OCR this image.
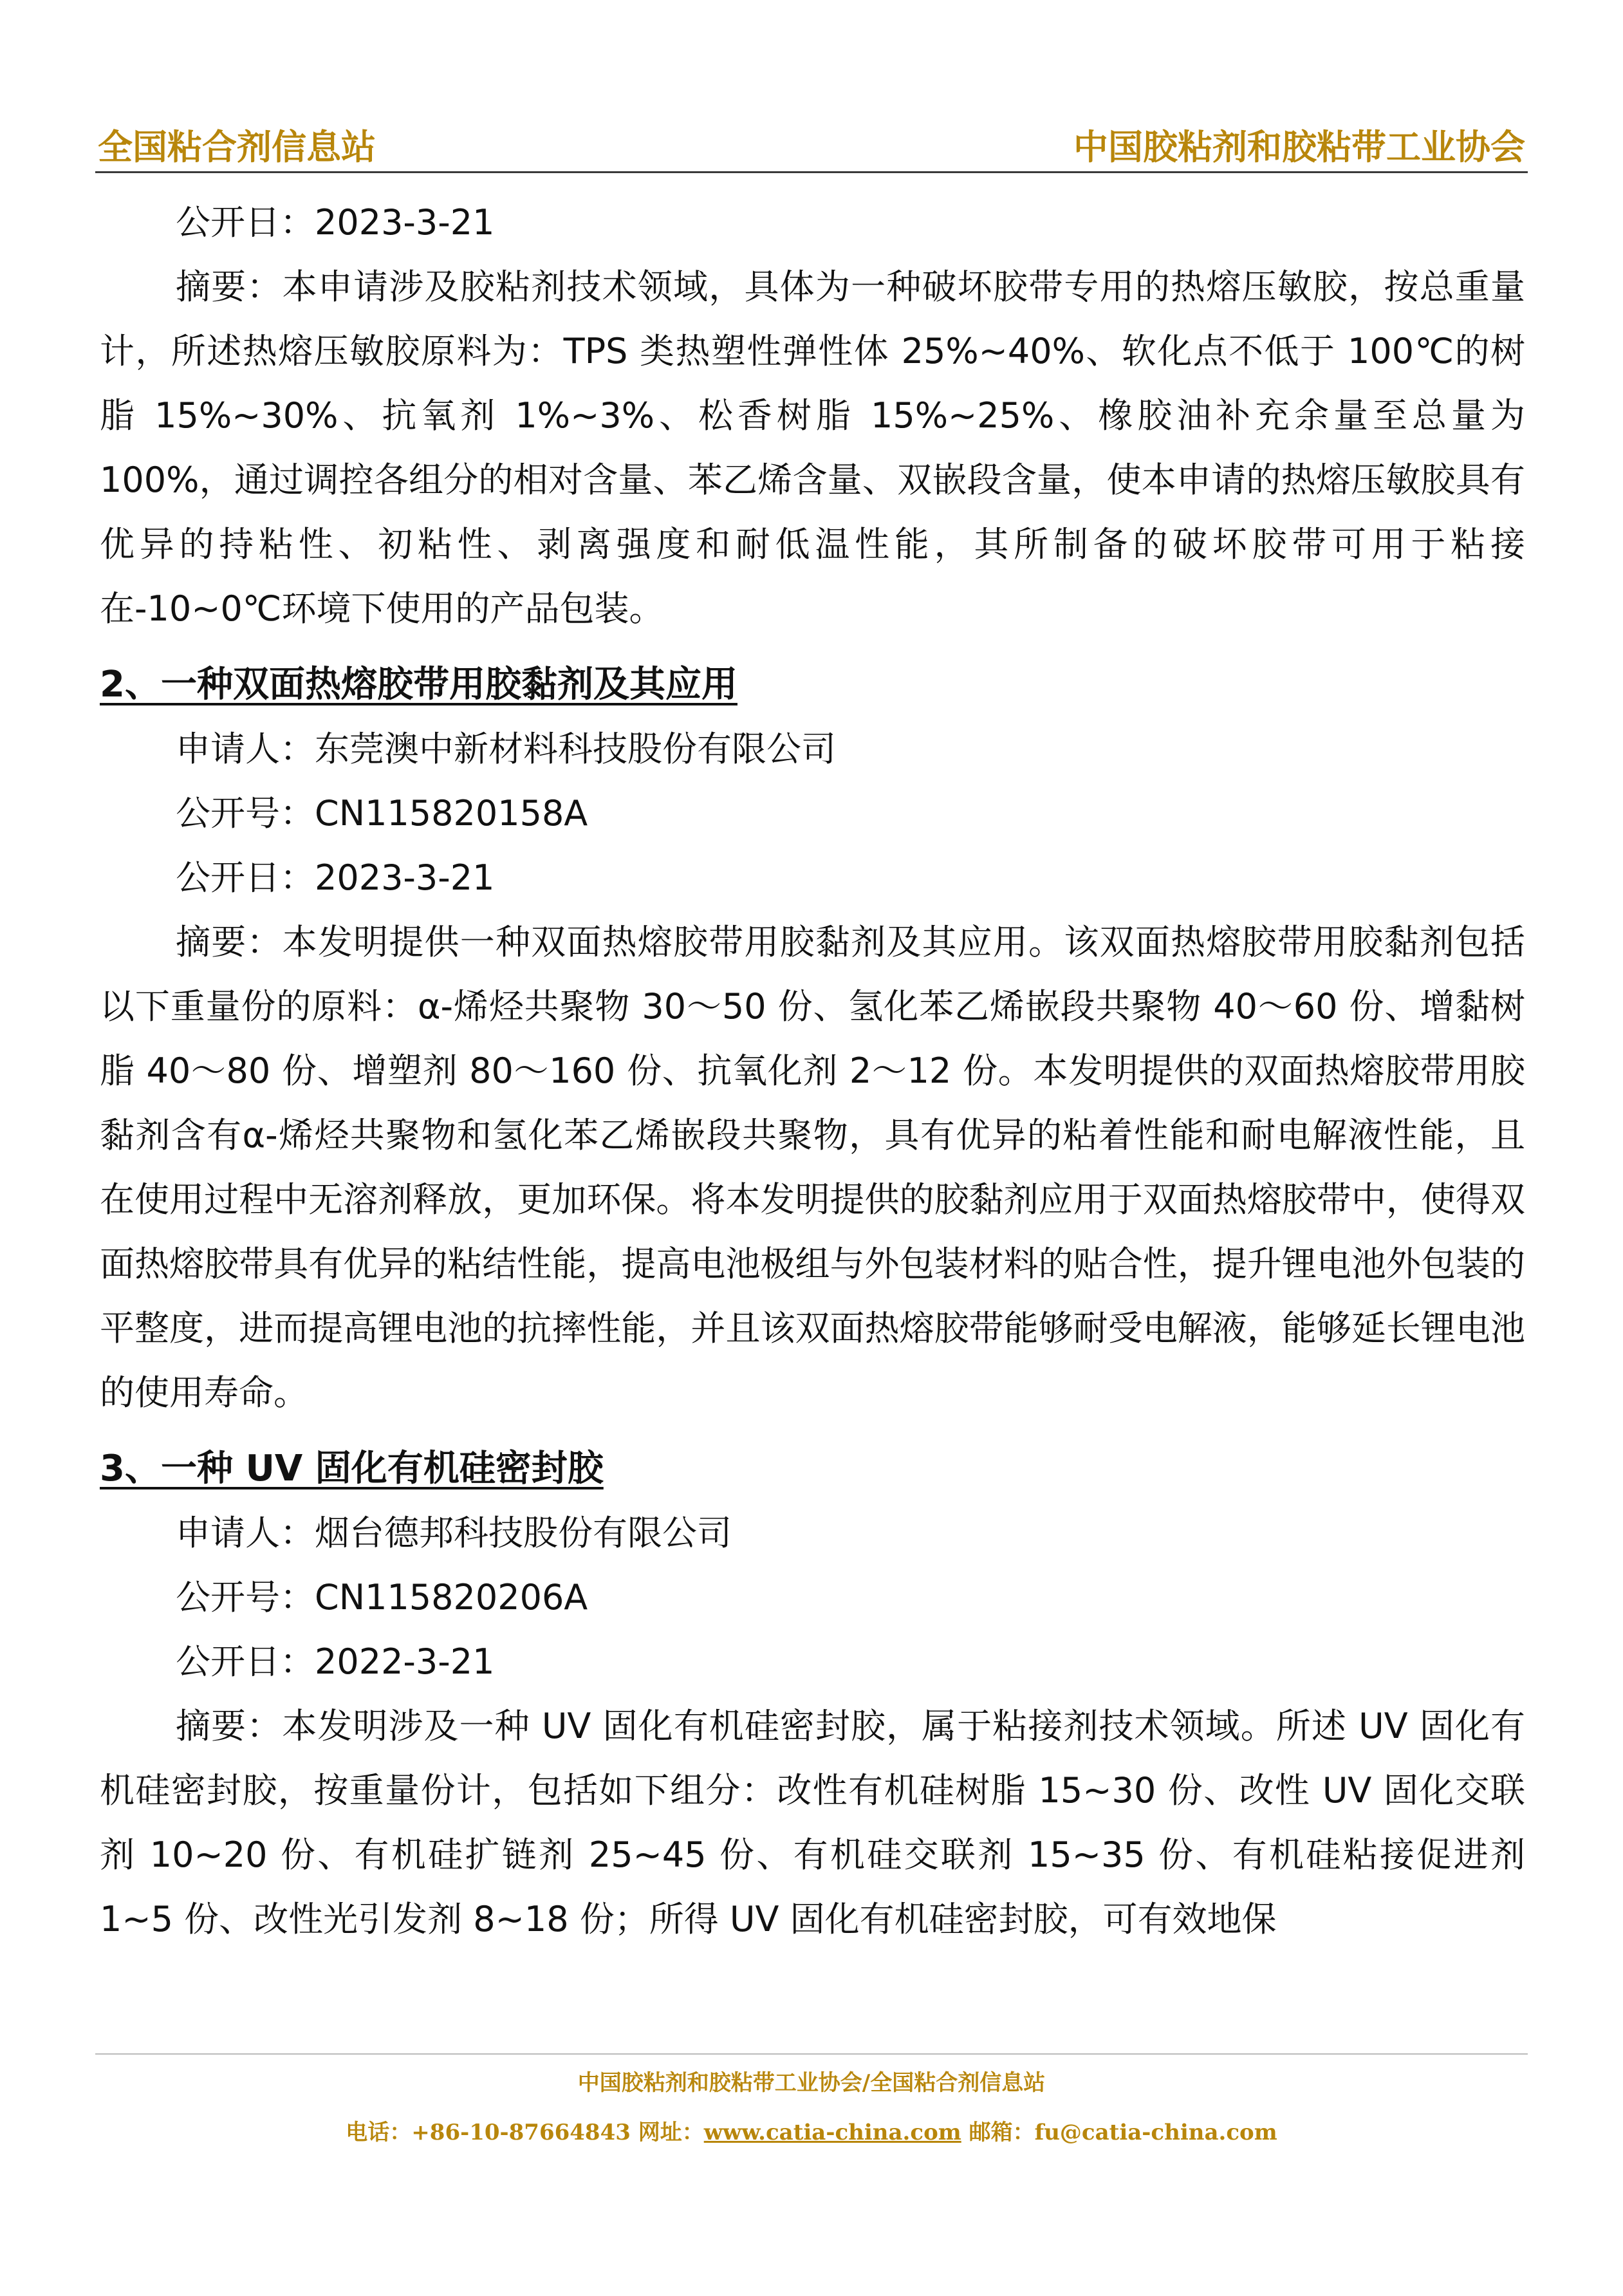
全国粘合剂信息站	中国胶粘剂和胶粘带工业协会
公开日：2023-3-21
摘要：本申请涉及胶粘剂技术领域，具体为一种破坏胶带专用的热熔压敏胶，按总重量计，所述热熔压敏胶原料为：TPS 类热塑性弹性体 25%~40%、软化点不低于 100℃的树脂 15%~30%、抗氧剂 1%~3%、松香树脂 15%~25%、橡胶油补充余量至总量为 100%，通过调控各组分的相对含量、苯乙烯含量、双嵌段含量，使本申请的热熔压敏胶具有优异的持粘性、初粘性、剥离强度和耐低温性能，其所制备的破坏胶带可用于粘接在-10~0℃环境下使用的产品包装。
2、一种双面热熔胶带用胶黏剂及其应用
申请人：东莞澳中新材料科技股份有限公司
公开号：CN115820158A
公开日：2023-3-21
摘要：本发明提供一种双面热熔胶带用胶黏剂及其应用。该双面热熔胶带用胶黏剂包括以下重量份的原料：α-烯烃共聚物 30～50 份、氢化苯乙烯嵌段共聚物 40～60 份、增黏树脂 40～80 份、增塑剂 80～160 份、抗氧化剂 2～12 份。本发明提供的双面热熔胶带用胶黏剂含有α-烯烃共聚物和氢化苯乙烯嵌段共聚物，具有优异的粘着性能和耐电解液性能，且在使用过程中无溶剂释放，更加环保。将本发明提供的胶黏剂应用于双面热熔胶带中，使得双面热熔胶带具有优异的粘结性能，提高电池极组与外包装材料的贴合性，提升锂电池外包装的平整度，进而提高锂电池的抗摔性能，并且该双面热熔胶带能够耐受电解液，能够延长锂电池的使用寿命。
3、一种 UV 固化有机硅密封胶
申请人：烟台德邦科技股份有限公司
公开号：CN115820206A
公开日：2022-3-21
摘要：本发明涉及一种 UV 固化有机硅密封胶，属于粘接剂技术领域。所述 UV 固化有机硅密封胶，按重量份计，包括如下组分：改性有机硅树脂 15~30 份、改性 UV 固化交联剂 10~20 份、有机硅扩链剂 25~45 份、有机硅交联剂 15~35 份、有机硅粘接促进剂 1~5 份、改性光引发剂 8~18 份；所得 UV 固化有机硅密封胶，可有效地保
中国胶粘剂和胶粘带工业协会/全国粘合剂信息站
电话：+86-10-87664843 网址：www.catia-china.com 邮箱：fu@catia-china.com
